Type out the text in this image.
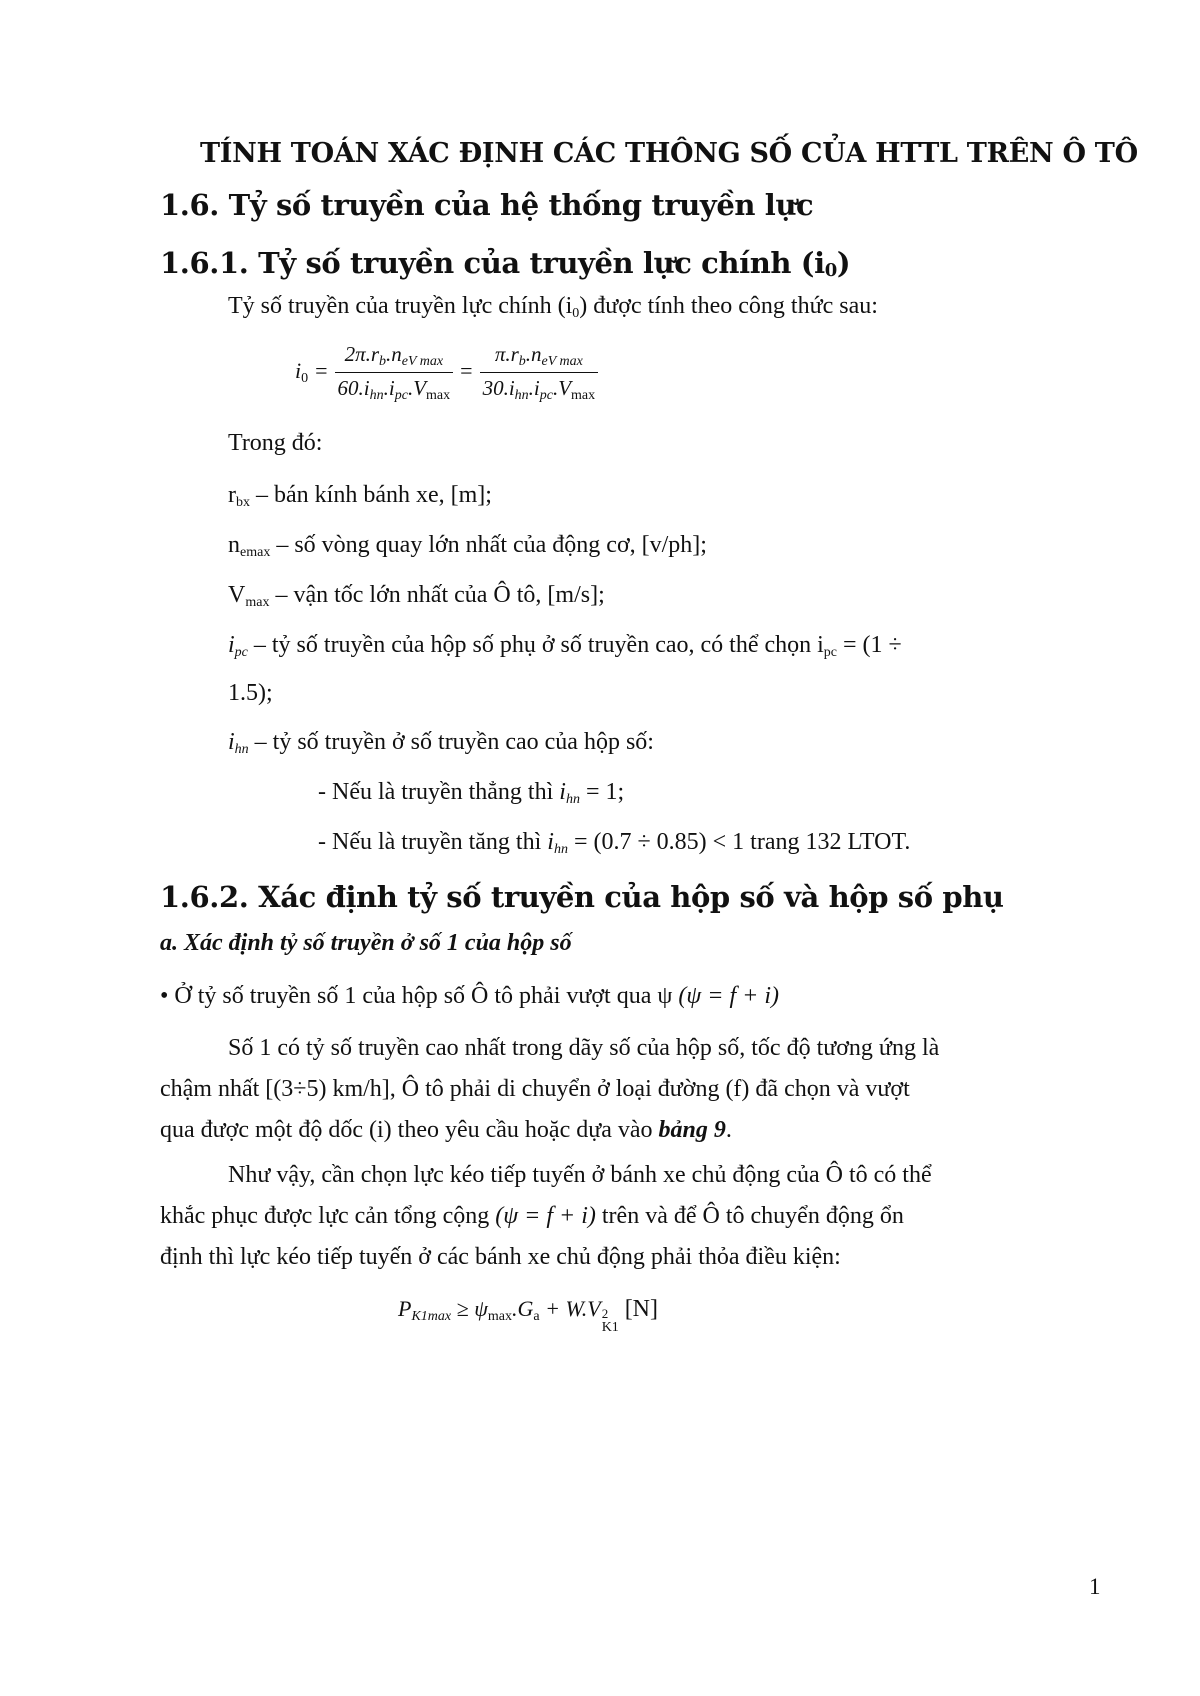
TÍNH TOÁN XÁC ĐỊNH CÁC THÔNG SỐ CỦA HTTL TRÊN Ô TÔ
1.6. Tỷ số truyền của hệ thống truyền lực
1.6.1. Tỷ số truyền của truyền lực chính (i0)
Tỷ số truyền của truyền lực chính $(i_0)$ được tính theo công thức sau:
$i_0 = \frac{\text{2π.rb.neV max}}{60.ihn.ipc.V_{max}} = \frac{\text{π.rb.neV max}}{30.ihn.ipc.V_{max}}$
Trong đó:
$r_{bx}$ – bán kính bánh xe, [m];
$n_{emax}$ – số vòng quay lớn nhất của động cơ, [v/ph];
$V_{max}$ – vận tốc lớn nhất của Ô tô, [m/s];
ipc – tỷ số truyền của hộp số phụ ở số truyền cao, có thể chọn $i_{pc} = (1$ ÷
1.5);
ihn – tỷ số truyền ở số truyền cao của hộp số:
- Nếu là truyền thẳng thì ihn = 1;
- Nếu là truyền tăng thì ihn = (0.7 ÷ 0.85) < 1 trang 132 LTOT.
1.6.2. Xác định tỷ số truyền của hộp số và hộp số phụ
a. Xác định tỷ số truyền ở số 1 của hộp số
• Ở tỷ số truyền số 1 của hộp số Ô tô phải vượt qua ψ (ψ = f + i)
Số 1 có tỷ số truyền cao nhất trong dãy số của hộp số, tốc độ tương ứng là
chậm nhất [(3÷5) km/h], Ô tô phải di chuyển ở loại đường (f) đã chọn và vượt
qua được một độ dốc (i) theo yêu cầu hoặc dựa vào bảng 9.
Như vậy, cần chọn lực kéo tiếp tuyến ở bánh xe chủ động của Ô tô có thể
khắc phục được lực cản tổng cộng (ψ = f + i) trên và để Ô tô chuyển động ổn
định thì lực kéo tiếp tuyến ở các bánh xe chủ động phải thỏa điều kiện:
$PK1\max \ge \psi_{max}.G_a + W.V$ 2
K1
[N]
1
